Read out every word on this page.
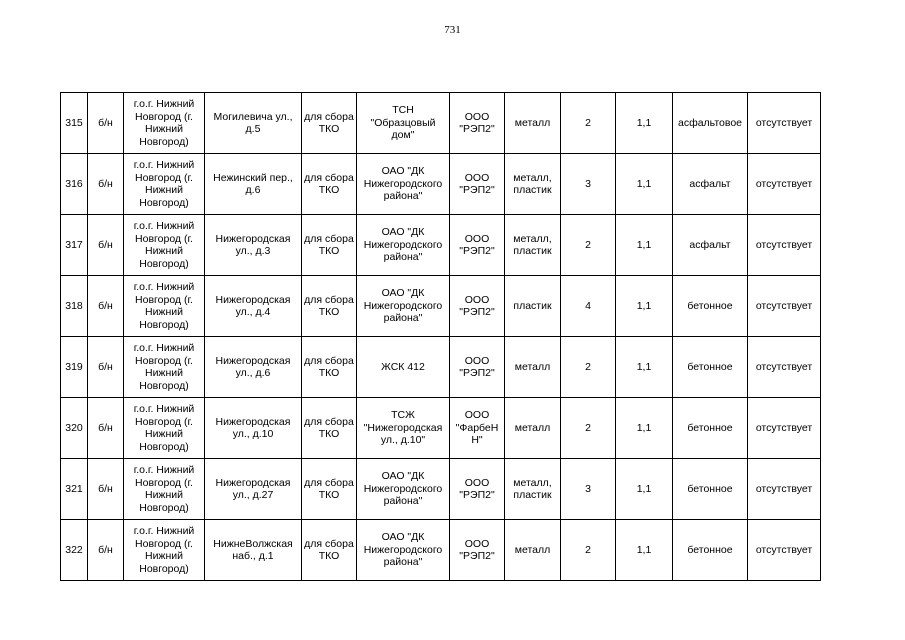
731
315	б/н	г.о.г. Нижний
Новгород (г.
Нижний
Новгород)	Могилевича ул.,
д.5	для сбора
ТКО	ТСН
"Образцовый
дом"	ООО
"РЭП2"	металл	2	1,1	асфальтовое	отсутствует

316	б/н	г.о.г. Нижний
Новгород (г.
Нижний
Новгород)	Нежинский пер.,
д.6	для сбора
ТКО	ОАО "ДК
Нижегородского
района"	ООО
"РЭП2"	металл,
пластик	3	1,1	асфальт	отсутствует

317	б/н	г.о.г. Нижний
Новгород (г.
Нижний
Новгород)	Нижегородская
ул., д.3	для сбора
ТКО	ОАО "ДК
Нижегородского
района"	ООО
"РЭП2"	металл,
пластик	2	1,1	асфальт	отсутствует

318	б/н	г.о.г. Нижний
Новгород (г.
Нижний
Новгород)	Нижегородская
ул., д.4	для сбора
ТКО	ОАО "ДК
Нижегородского
района"	ООО
"РЭП2"	пластик	4	1,1	бетонное	отсутствует

319	б/н	г.о.г. Нижний
Новгород (г.
Нижний
Новгород)	Нижегородская
ул., д.6	для сбора
ТКО	ЖСК 412	ООО
"РЭП2"	металл	2	1,1	бетонное	отсутствует

320	б/н	г.о.г. Нижний
Новгород (г.
Нижний
Новгород)	Нижегородская
ул., д.10	для сбора
ТКО	ТСЖ
"Нижегородская
ул., д.10"	ООО
"ФарбеН
Н"	металл	2	1,1	бетонное	отсутствует

321	б/н	г.о.г. Нижний
Новгород (г.
Нижний
Новгород)	Нижегородская
ул., д.27	для сбора
ТКО	ОАО "ДК
Нижегородского
района"	ООО
"РЭП2"	металл,
пластик	3	1,1	бетонное	отсутствует

322	б/н	г.о.г. Нижний
Новгород (г.
Нижний
Новгород)	НижнеВолжская
наб., д.1	для сбора
ТКО	ОАО "ДК
Нижегородского
района"	ООО
"РЭП2"	металл	2	1,1	бетонное	отсутствует
